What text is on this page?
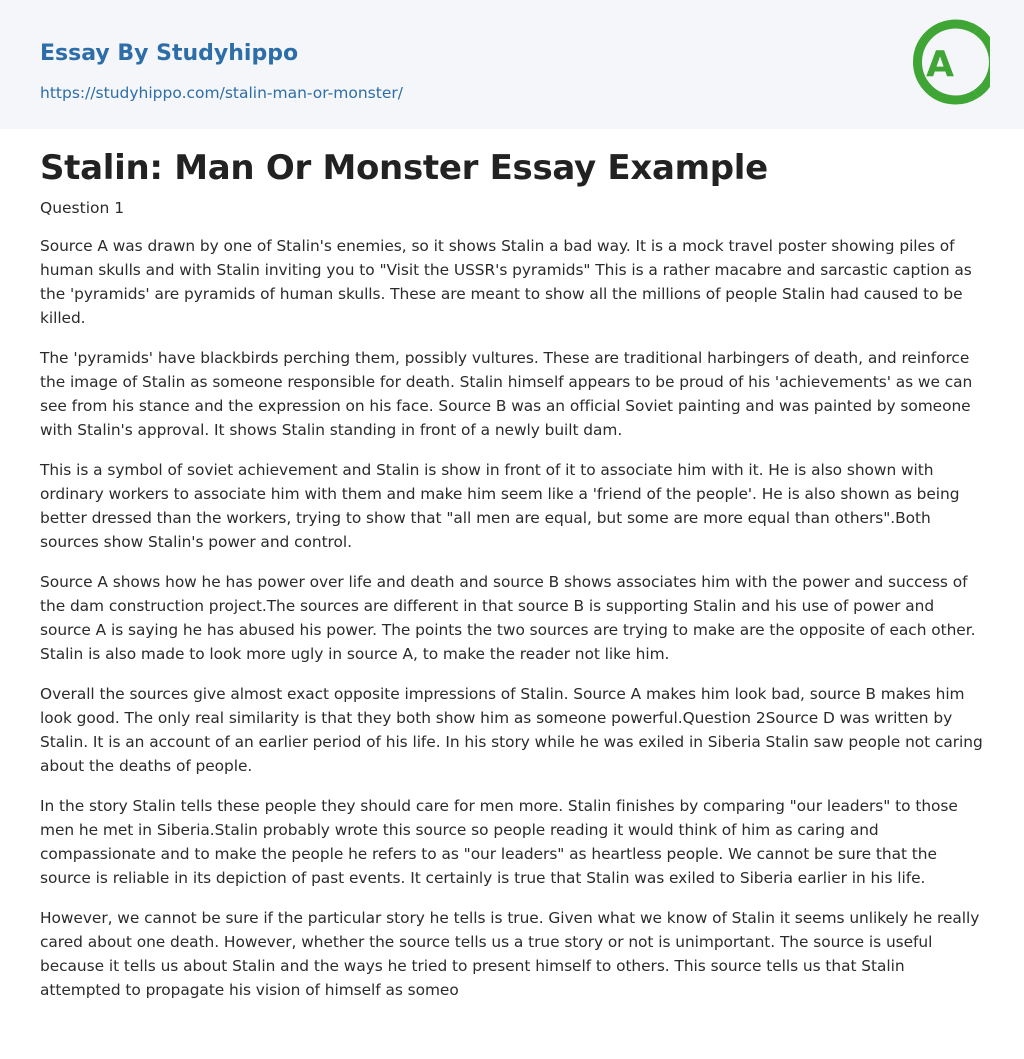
Essay By Studyhippo
https://studyhippo.com/stalin-man-or-monster/
A
Stalin: Man Or Monster Essay Example
Question 1

Source A was drawn by one of Stalin's enemies, so it shows Stalin a bad way. It is a mock travel poster showing piles of human skulls and with Stalin inviting you to "Visit the USSR's pyramids" This is a rather macabre and sarcastic caption as the 'pyramids' are pyramids of human skulls. These are meant to show all the millions of people Stalin had caused to be killed.

The 'pyramids' have blackbirds perching them, possibly vultures. These are traditional harbingers of death, and reinforce the image of Stalin as someone responsible for death. Stalin himself appears to be proud of his 'achievements' as we can see from his stance and the expression on his face. Source B was an official Soviet painting and was painted by someone with Stalin's approval. It shows Stalin standing in front of a newly built dam.

This is a symbol of soviet achievement and Stalin is show in front of it to associate him with it. He is also shown with ordinary workers to associate him with them and make him seem like a 'friend of the people'. He is also shown as being better dressed than the workers, trying to show that "all men are equal, but some are more equal than others".Both sources show Stalin's power and control.

Source A shows how he has power over life and death and source B shows associates him with the power and success of the dam construction project.The sources are different in that source B is supporting Stalin and his use of power and source A is saying he has abused his power. The points the two sources are trying to make are the opposite of each other. Stalin is also made to look more ugly in source A, to make the reader not like him.

Overall the sources give almost exact opposite impressions of Stalin. Source A makes him look bad, source B makes him look good. The only real similarity is that they both show him as someone powerful.Question 2Source D was written by Stalin. It is an account of an earlier period of his life. In his story while he was exiled in Siberia Stalin saw people not caring about the deaths of people.

In the story Stalin tells these people they should care for men more. Stalin finishes by comparing "our leaders" to those men he met in Siberia.Stalin probably wrote this source so people reading it would think of him as caring and compassionate and to make the people he refers to as "our leaders" as heartless people. We cannot be sure that the source is reliable in its depiction of past events. It certainly is true that Stalin was exiled to Siberia earlier in his life.

However, we cannot be sure if the particular story he tells is true. Given what we know of Stalin it seems unlikely he really cared about one death. However, whether the source tells us a true story or not is unimportant. The source is useful because it tells us about Stalin and the ways he tried to present himself to others. This source tells us that Stalin attempted to propagate his vision of himself as someo
